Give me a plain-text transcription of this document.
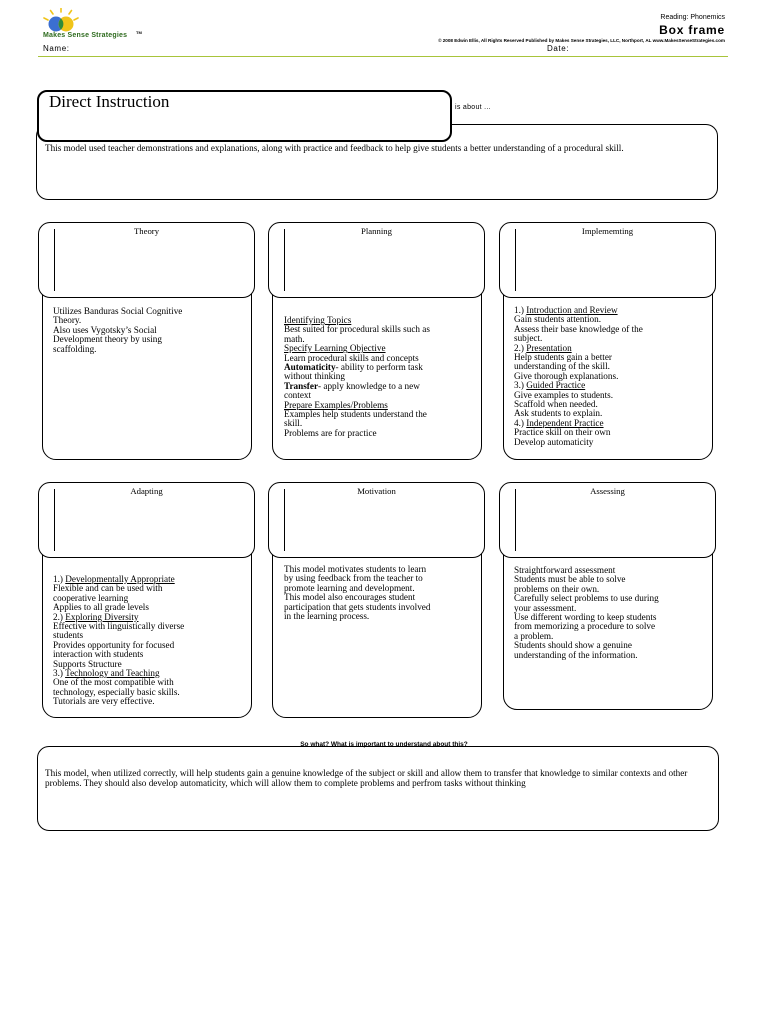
Makes Sense Strategies TM
Reading: Phonemics
Box frame
© 2008 Edwin Ellis, All Rights Reserved Published by Makes Sense Strategies, LLC, Northport, AL www.MakesSenseStrategies.com
Name:	Date:
Direct Instruction	is about ...
This model used teacher demonstrations and explanations, along with practice and feedback to help give students a better understanding of a procedural skill.
Theory
Utilizes Banduras Social Cognitive
Theory.
Also uses Vygotsky’s Social
Development theory by using
scaffolding.
Planning
Identifying Topics
Best suited for procedural skills such as
math.
Specify Learning Objective
Learn procedural skills and concepts
Automaticity- ability to perform task
without thinking
Transfer- apply knowledge to a new
context
Prepare Examples/Problems
Examples help students understand the
skill.
Problems are for practice
Implememting
1.) Introduction and Review
Gain students attention.
Assess their base knowledge of the
subject.
2.) Presentation
Help students gain a better
understanding of the skill.
Give thorough explanations.
3.) Guided Practice
Give examples to students.
Scaffold when needed.
Ask students to explain.
4.) Independent Practice
Practice skill on their own
Develop automaticity
Adapting
1.) Developmentally Appropriate
Flexible and can be used with
cooperative learning
Applies to all grade levels
2.) Exploring Diversity
Effective with linguistically diverse
students
Provides opportunity for focused
interaction with students
Supports Structure
3.) Technology and Teaching
One of the most compatible with
technology, especially basic skills.
Tutorials are very effective.
Motivation
This model motivates students to learn
by using feedback from the teacher to
promote learning and development.
This model also encourages student
participation that gets students involved
in the learning process.
Assessing
Straightforward assessment
Students must be able to solve
problems on their own.
Carefully select problems to use during
your assessment.
Use different wording to keep students
from memorizing a procedure to solve
a problem.
Students should show a genuine
understanding of the information.
So what? What is important to understand about this?
This model, when utilized correctly, will help students gain a genuine knowledge of the subject or skill and allow them to transfer that knowledge to similar contexts and other problems. They should also develop automaticity, which will allow them to complete problems and perfrom tasks without thinking
